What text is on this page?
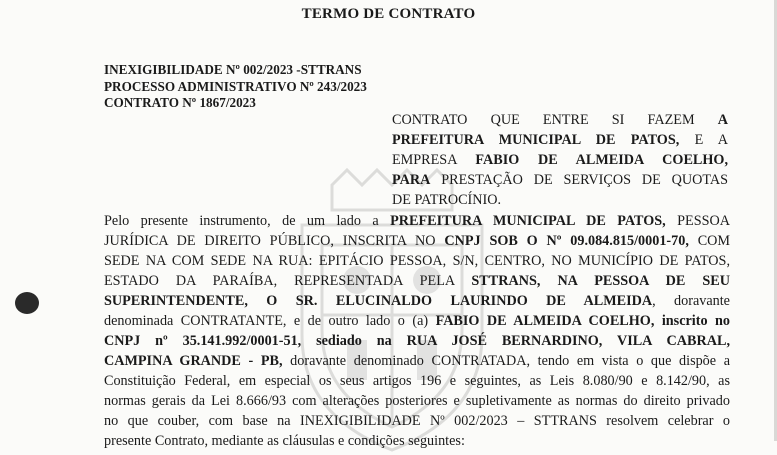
TERMO DE CONTRATO
INEXIGIBILIDADE Nº 002/2023 -STTRANS
PROCESSO ADMINISTRATIVO Nº 243/2023
CONTRATO Nº 1867/2023
CONTRATO QUE ENTRE SI FAZEM A
PREFEITURA MUNICIPAL DE PATOS, E A
EMPRESA FABIO DE ALMEIDA COELHO,
PARA PRESTAÇÃO DE SERVIÇOS DE QUOTAS
DE PATROCÍNIO.
Pelo presente instrumento, de um lado a PREFEITURA MUNICIPAL DE PATOS, PESSOA
JURÍDICA DE DIREITO PÚBLICO, INSCRITA NO CNPJ SOB O Nº 09.084.815/0001-70, COM
SEDE NA COM SEDE NA RUA: EPITÁCIO PESSOA, S/N, CENTRO, NO MUNICÍPIO DE PATOS,
ESTADO DA PARAÍBA, REPRESENTADA PELA STTRANS, NA PESSOA DE SEU
SUPERINTENDENTE, O SR. ELUCINALDO LAURINDO DE ALMEIDA, doravante
denominada CONTRATANTE, e de outro lado o (a) FABIO DE ALMEIDA COELHO, inscrito no
CNPJ nº 35.141.992/0001-51, sediado na RUA JOSÉ BERNARDINO, VILA CABRAL,
CAMPINA GRANDE - PB, doravante denominado CONTRATADA, tendo em vista o que dispõe a
Constituição Federal, em especial os seus artigos 196 e seguintes, as Leis 8.080/90 e 8.142/90, as
normas gerais da Lei 8.666/93 com alterações posteriores e supletivamente as normas do direito privado
no que couber, com base na INEXIGIBILIDADE Nº 002/2023 – STTRANS resolvem celebrar o
presente Contrato, mediante as cláusulas e condições seguintes:
